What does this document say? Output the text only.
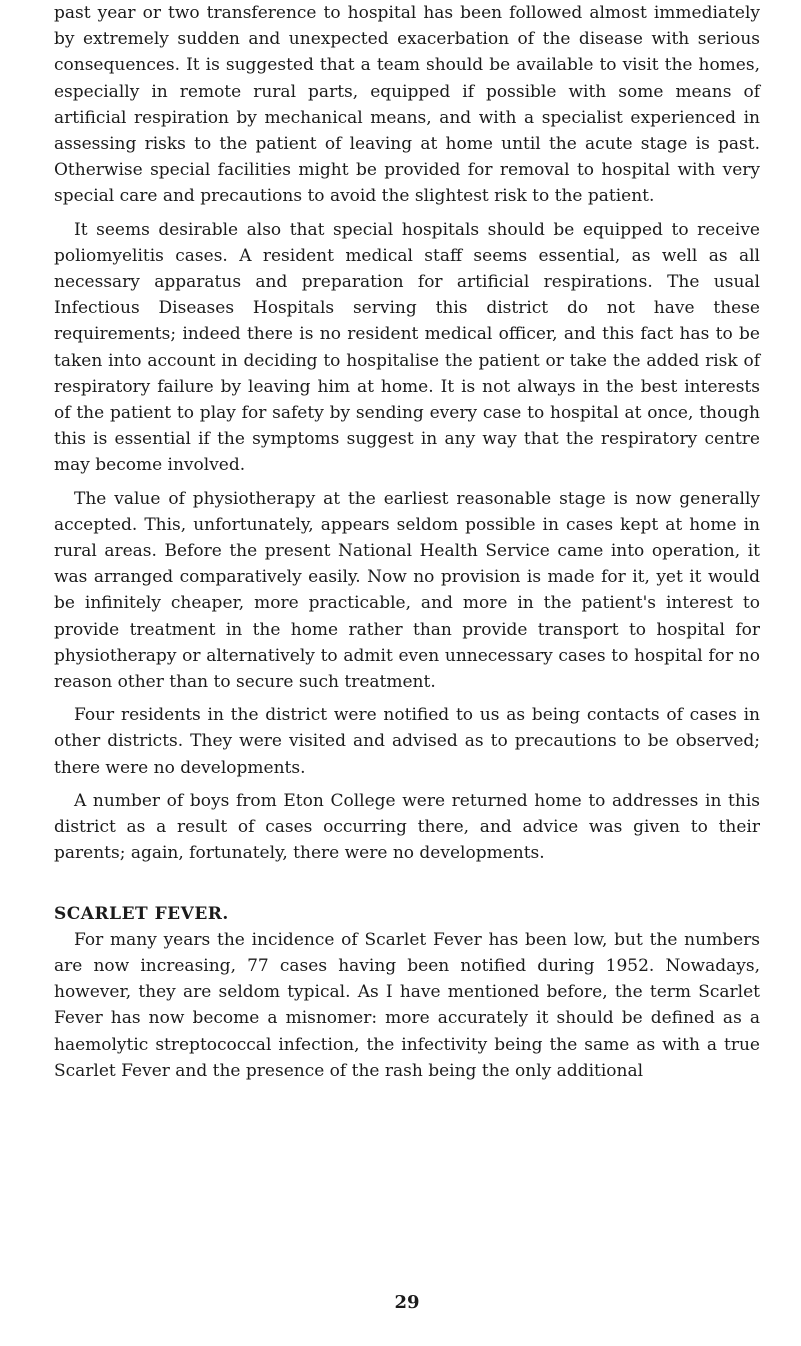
past year or two transference to hospital has been followed almost immediately by extremely sudden and unexpected exacerbation of the disease with serious consequences. It is suggested that a team should be available to visit the homes, especially in remote rural parts, equipped if possible with some means of artificial respiration by mechanical means, and with a specialist experienced in assessing risks to the patient of leaving at home until the acute stage is past. Otherwise special facilities might be provided for removal to hospital with very special care and precautions to avoid the slightest risk to the patient.

It seems desirable also that special hospitals should be equipped to receive poliomyelitis cases. A resident medical staff seems essential, as well as all necessary apparatus and preparation for artificial respirations. The usual Infectious Diseases Hospitals serving this district do not have these requirements; indeed there is no resident medical officer, and this fact has to be taken into account in deciding to hospitalise the patient or take the added risk of respiratory failure by leaving him at home. It is not always in the best interests of the patient to play for safety by sending every case to hospital at once, though this is essential if the symptoms suggest in any way that the respiratory centre may become involved.

The value of physiotherapy at the earliest reasonable stage is now generally accepted. This, unfortunately, appears seldom possible in cases kept at home in rural areas. Before the present National Health Service came into operation, it was arranged comparatively easily. Now no provision is made for it, yet it would be infinitely cheaper, more practicable, and more in the patient's interest to provide treatment in the home rather than provide transport to hospital for physiotherapy or alternatively to admit even unnecessary cases to hospital for no reason other than to secure such treatment.

Four residents in the district were notified to us as being contacts of cases in other districts. They were visited and advised as to precautions to be observed; there were no developments.

A number of boys from Eton College were returned home to addresses in this district as a result of cases occurring there, and advice was given to their parents; again, fortunately, there were no developments.

SCARLET FEVER.

For many years the incidence of Scarlet Fever has been low, but the numbers are now increasing, 77 cases having been notified during 1952. Nowadays, however, they are seldom typical. As I have mentioned before, the term Scarlet Fever has now become a misnomer: more accurately it should be defined as a haemolytic streptococcal infection, the infectivity being the same as with a true Scarlet Fever and the presence of the rash being the only additional

29
